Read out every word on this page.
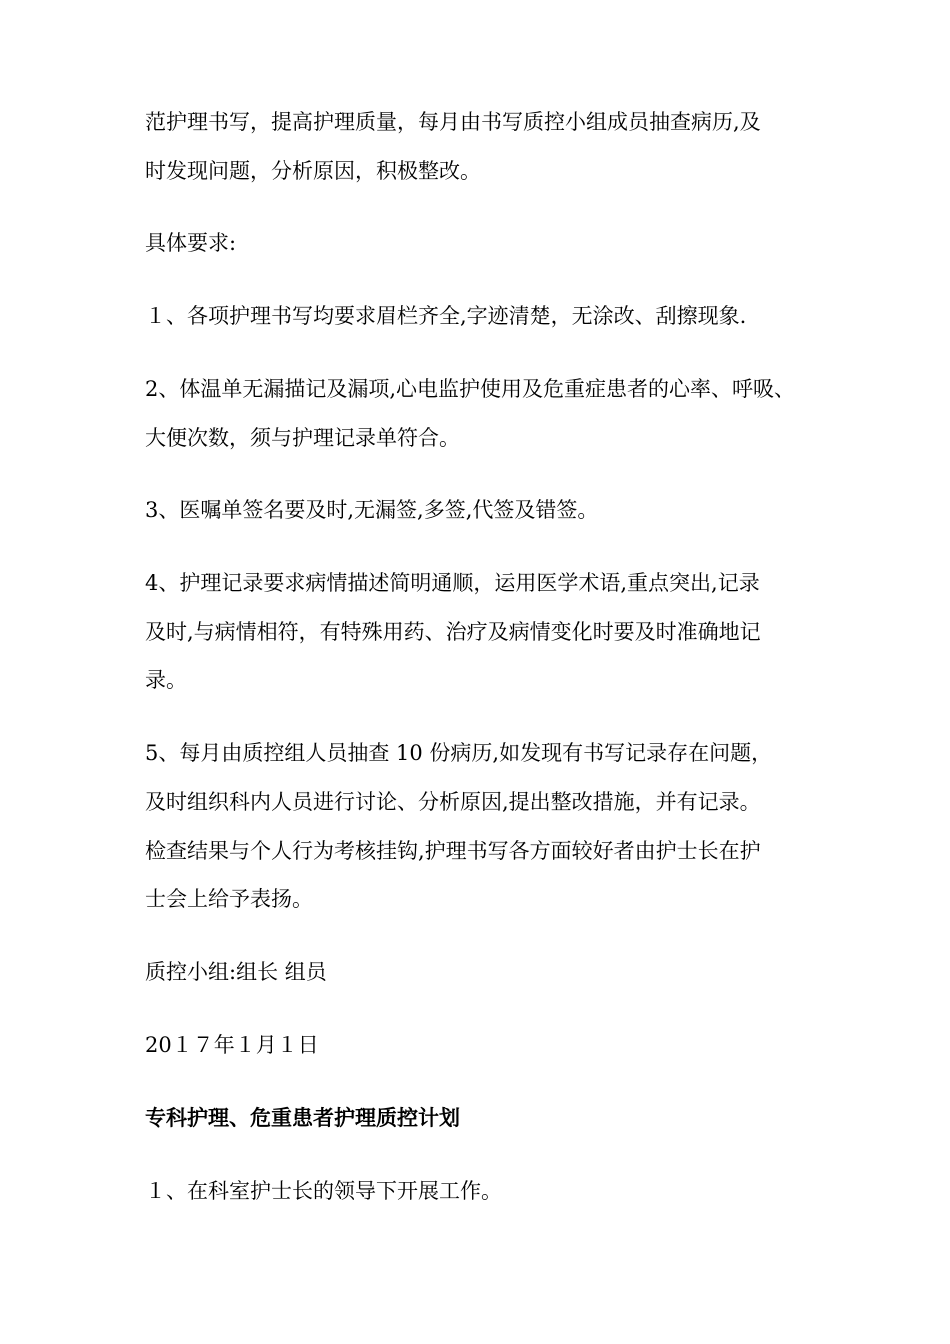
范护理书写，提高护理质量，每月由书写质控小组成员抽查病历,及
时发现问题，分析原因，积极整改。
具体要求:
１、各项护理书写均要求眉栏齐全,字迹清楚，无涂改、刮擦现象.
2、体温单无漏描记及漏项,心电监护使用及危重症患者的心率、呼吸、
大便次数，须与护理记录单符合。
3、医嘱单签名要及时,无漏签,多签,代签及错签。
4、护理记录要求病情描述简明通顺，运用医学术语,重点突出,记录
及时,与病情相符，有特殊用药、治疗及病情变化时要及时准确地记
录。
5、每月由质控组人员抽查 10 份病历,如发现有书写记录存在问题，
及时组织科内人员进行讨论、分析原因,提出整改措施，并有记录。
检查结果与个人行为考核挂钩,护理书写各方面较好者由护士长在护
士会上给予表扬。
质控小组:组长 组员
20１７年１月１日
专科护理、危重患者护理质控计划
１、在科室护士长的领导下开展工作。
